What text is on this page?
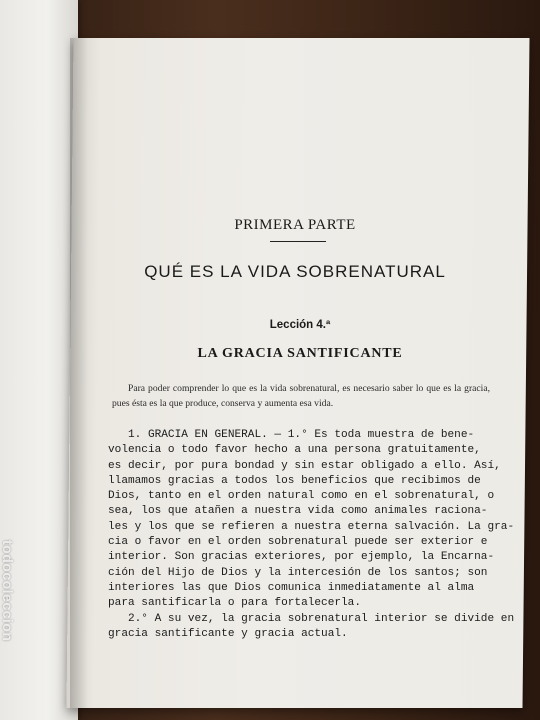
PRIMERA PARTE
QUÉ ES LA VIDA SOBRENATURAL
Lección 4.ª
LA GRACIA SANTIFICANTE

Para poder comprender lo que es la vida sobrenatural, es necesario saber lo que es la gracia, pues ésta es la que produce, conserva y aumenta esa vida.

1. GRACIA EN GENERAL. — 1.° Es toda muestra de bene-
volencia o todo favor hecho a una persona gratuitamente,
es decir, por pura bondad y sin estar obligado a ello. Así,
llamamos gracias a todos los beneficios que recibimos de
Dios, tanto en el orden natural como en el sobrenatural, o
sea, los que atañen a nuestra vida como animales raciona-
les y los que se refieren a nuestra eterna salvación. La gra-
cia o favor en el orden sobrenatural puede ser exterior e
interior. Son gracias exteriores, por ejemplo, la Encarna-
ción del Hijo de Dios y la intercesión de los santos; son
interiores las que Dios comunica inmediatamente al alma
para santificarla o para fortalecerla.
2.° A su vez, la gracia sobrenatural interior se divide en
gracia santificante y gracia actual.
todocoleccion
